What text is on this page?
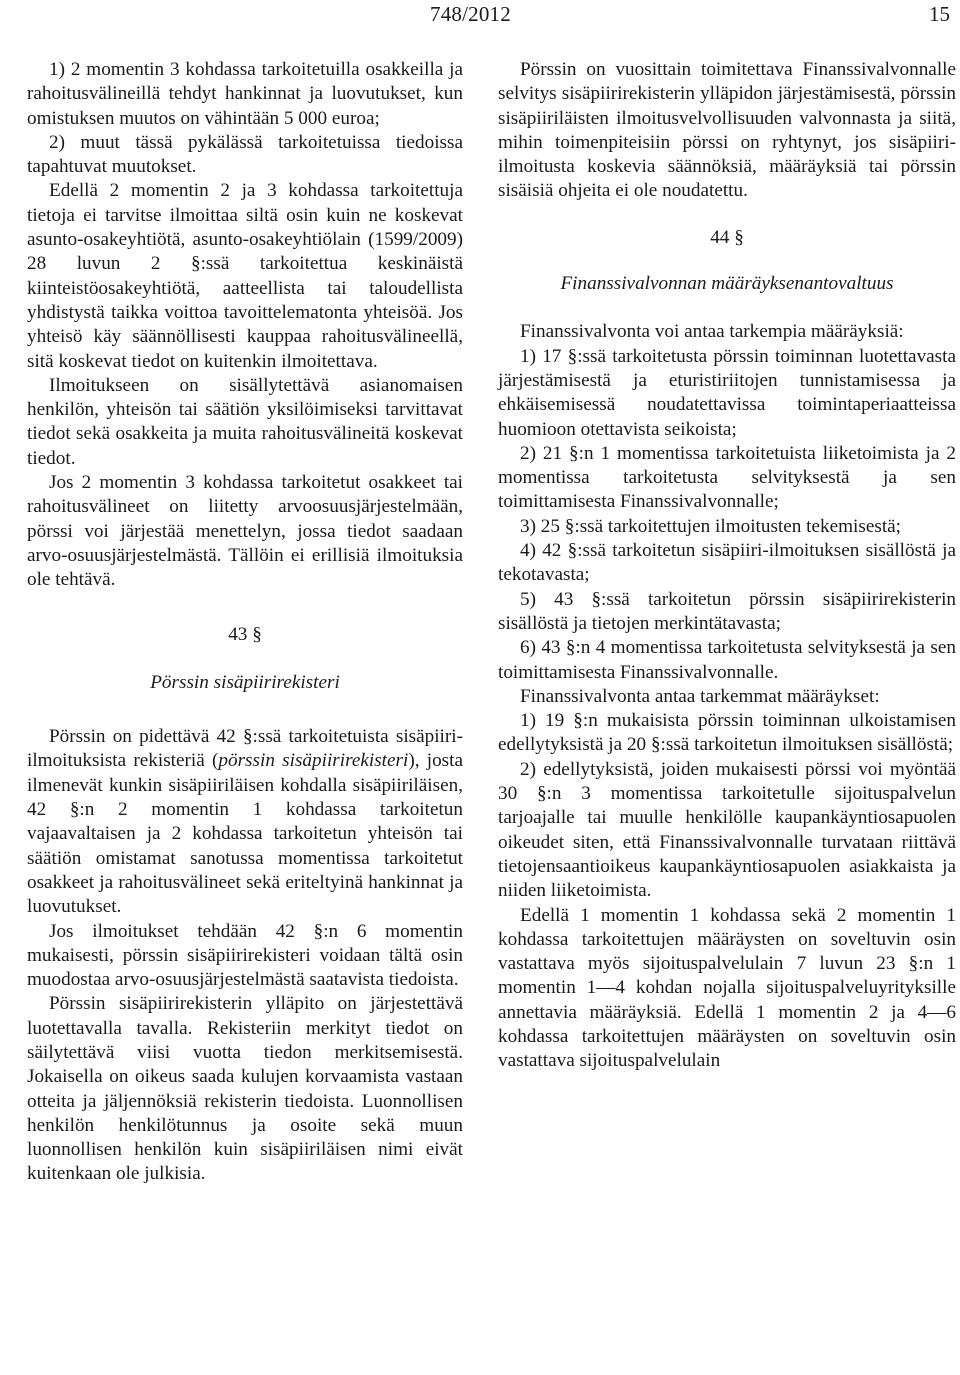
748/2012	15

1) 2 momentin 3 kohdassa tarkoitetuilla osakkeilla ja rahoitusvälineillä tehdyt hankinnat ja luovutukset, kun omistuksen muutos on vähintään 5 000 euroa;

2) muut tässä pykälässä tarkoitetuissa tiedoissa tapahtuvat muutokset.

Edellä 2 momentin 2 ja 3 kohdassa tarkoitettuja tietoja ei tarvitse ilmoittaa siltä osin kuin ne koskevat asunto-osakeyhtiötä, asunto-osakeyhtiölain (1599/2009) 28 luvun 2 §:ssä tarkoitettua keskinäistä kiinteistöosakeyhtiötä, aatteellista tai taloudellista yhdistystä taikka voittoa tavoittelematonta yhteisöä. Jos yhteisö käy säännöllisesti kauppaa rahoitusvälineellä, sitä koskevat tiedot on kuitenkin ilmoitettava.

Ilmoitukseen on sisällytettävä asianomaisen henkilön, yhteisön tai säätiön yksilöimiseksi tarvittavat tiedot sekä osakkeita ja muita rahoitusvälineitä koskevat tiedot.

Jos 2 momentin 3 kohdassa tarkoitetut osakkeet tai rahoitusvälineet on liitetty arvoosuusjärjestelmään, pörssi voi järjestää menettelyn, jossa tiedot saadaan arvo-osuusjärjestelmästä. Tällöin ei erillisiä ilmoituksia ole tehtävä.

43 §

Pörssin sisäpiirirekisteri

Pörssin on pidettävä 42 §:ssä tarkoitetuista sisäpiiri-ilmoituksista rekisteriä (pörssin sisäpiirirekisteri), josta ilmenevät kunkin sisäpiiriläisen kohdalla sisäpiiriläisen, 42 §:n 2 momentin 1 kohdassa tarkoitetun vajaavaltaisen ja 2 kohdassa tarkoitetun yhteisön tai säätiön omistamat sanotussa momentissa tarkoitetut osakkeet ja rahoitusvälineet sekä eriteltyinä hankinnat ja luovutukset.

Jos ilmoitukset tehdään 42 §:n 6 momentin mukaisesti, pörssin sisäpiirirekisteri voidaan tältä osin muodostaa arvo-osuusjärjestelmästä saatavista tiedoista.

Pörssin sisäpiirirekisterin ylläpito on järjestettävä luotettavalla tavalla. Rekisteriin merkityt tiedot on säilytettävä viisi vuotta tiedon merkitsemisestä. Jokaisella on oikeus saada kulujen korvaamista vastaan otteita ja jäljennöksiä rekisterin tiedoista. Luonnollisen henkilön henkilötunnus ja osoite sekä muun luonnollisen henkilön kuin sisäpiiriläisen nimi eivät kuitenkaan ole julkisia.

Pörssin on vuosittain toimitettava Finanssivalvonnalle selvitys sisäpiirirekisterin ylläpidon järjestämisestä, pörssin sisäpiiriläisten ilmoitusvelvollisuuden valvonnasta ja siitä, mihin toimenpiteisiin pörssi on ryhtynyt, jos sisäpiiri-ilmoitusta koskevia säännöksiä, määräyksiä tai pörssin sisäisiä ohjeita ei ole noudatettu.

44 §

Finanssivalvonnan määräyksenantovaltuus

Finanssivalvonta voi antaa tarkempia määräyksiä:

1) 17 §:ssä tarkoitetusta pörssin toiminnan luotettavasta järjestämisestä ja eturistiriitojen tunnistamisessa ja ehkäisemisessä noudatettavissa toimintaperiaatteissa huomioon otettavista seikoista;

2) 21 §:n 1 momentissa tarkoitetuista liiketoimista ja 2 momentissa tarkoitetusta selvityksestä ja sen toimittamisesta Finanssivalvonnalle;

3) 25 §:ssä tarkoitettujen ilmoitusten tekemisestä;

4) 42 §:ssä tarkoitetun sisäpiiri-ilmoituksen sisällöstä ja tekotavasta;

5) 43 §:ssä tarkoitetun pörssin sisäpiirirekisterin sisällöstä ja tietojen merkintätavasta;

6) 43 §:n 4 momentissa tarkoitetusta selvityksestä ja sen toimittamisesta Finanssivalvonnalle.

Finanssivalvonta antaa tarkemmat määräykset:

1) 19 §:n mukaisista pörssin toiminnan ulkoistamisen edellytyksistä ja 20 §:ssä tarkoitetun ilmoituksen sisällöstä;

2) edellytyksistä, joiden mukaisesti pörssi voi myöntää 30 §:n 3 momentissa tarkoitetulle sijoituspalvelun tarjoajalle tai muulle henkilölle kaupankäyntiosapuolen oikeudet siten, että Finanssivalvonnalle turvataan riittävä tietojensaantioikeus kaupankäyntiosapuolen asiakkaista ja niiden liiketoimista.

Edellä 1 momentin 1 kohdassa sekä 2 momentin 1 kohdassa tarkoitettujen määräysten on soveltuvin osin vastattava myös sijoituspalvelulain 7 luvun 23 §:n 1 momentin 1—4 kohdan nojalla sijoituspalveluyrityksille annettavia määräyksiä. Edellä 1 momentin 2 ja 4—6 kohdassa tarkoitettujen määräysten on soveltuvin osin vastattava sijoituspalvelulain
